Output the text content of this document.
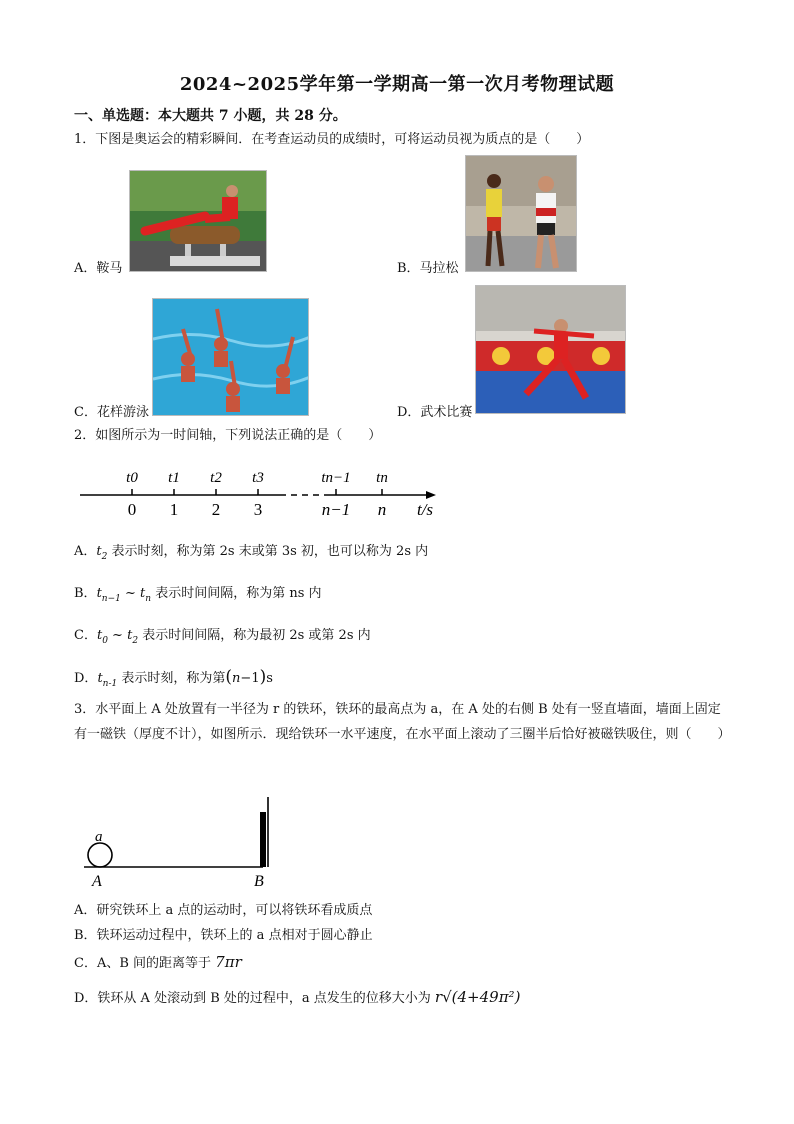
2024~2025学年第一学期高一第一次月考物理试题
一、单选题：本大题共 7 小题，共 28 分。
1．下图是奥运会的精彩瞬间．在考查运动员的成绩时，可将运动员视为质点的是（　　）
A．鞍马	B．马拉松
C．花样游泳	D．武术比赛
2．如图所示为一时间轴，下列说法正确的是（　　）
t0 t1 t2 t3	tn−1 tn
0 1 2 3	n−1 n t/s
A．$t_2$ 表示时刻，称为第 2s 末或第 3s 初，也可以称为 2s 内
B．$t_{n-1}$ ~ $t_n$ 表示时间间隔，称为第 ns 内
C．$t_0$ ~ $t_2$ 表示时间间隔，称为最初 2s 或第 2s 内
D．$t_{n-1}$ 表示时刻，称为第(n−1)s
3．水平面上 A 处放置有一半径为 r 的铁环，铁环的最高点为 a，在 A 处的右侧 B 处有一竖直墙面，墙面上固定有一磁铁（厚度不计），如图所示．现给铁环一水平速度，在水平面上滚动了三圈半后恰好被磁铁吸住，则（　　）
a
A	B
A．研究铁环上 a 点的运动时，可以将铁环看成质点
B．铁环运动过程中，铁环上的 a 点相对于圆心静止
C．A、B 间的距离等于 7πr
D．铁环从 A 处滚动到 B 处的过程中，a 点发生的位移大小为 r√(4+49π²)
